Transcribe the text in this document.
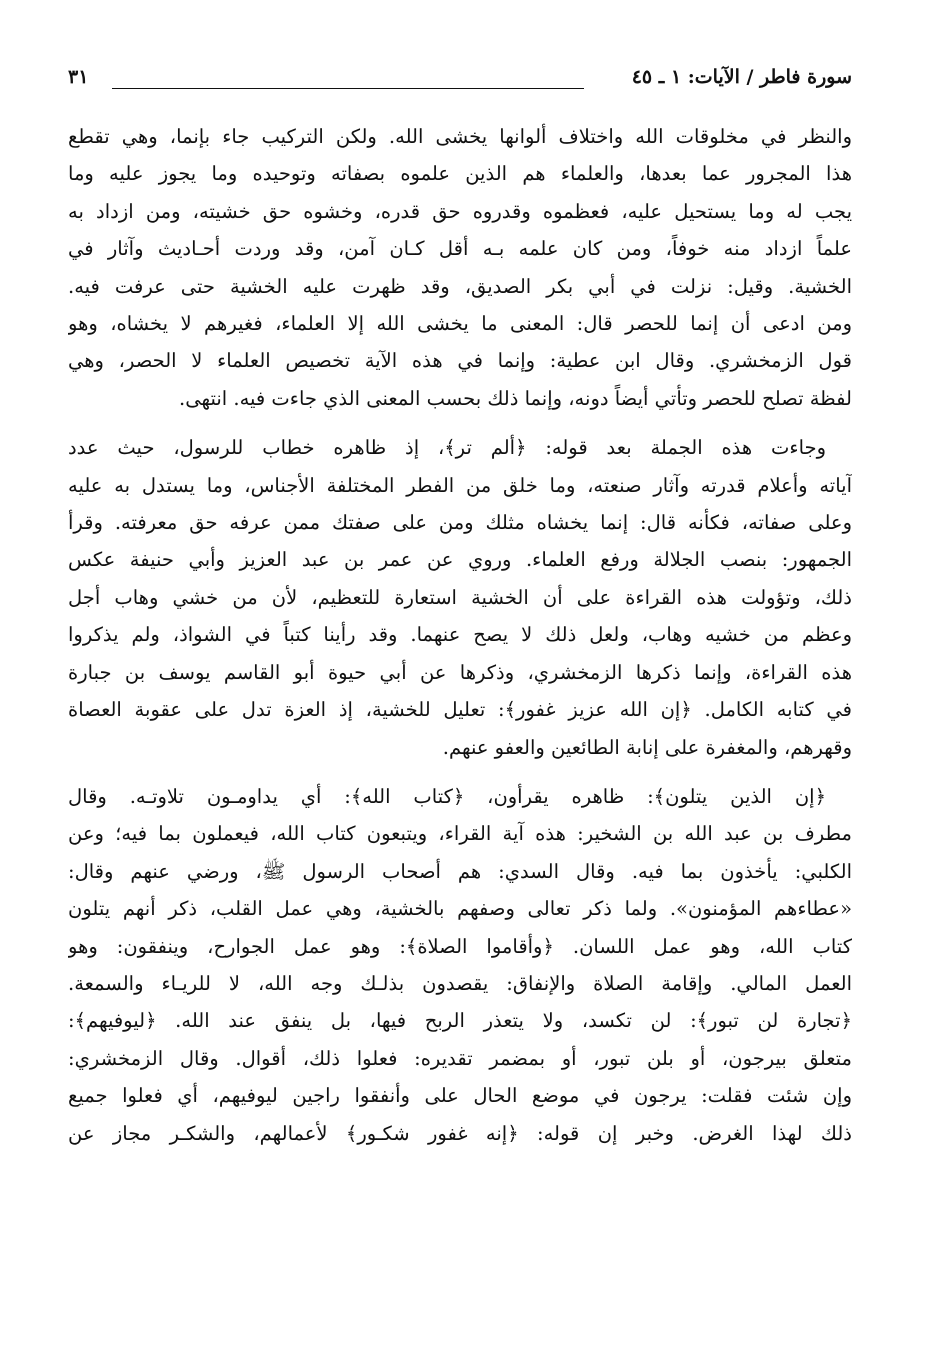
سورة فاطر / الآيات: ١ ـ ٤٥
٣١
والنظر في مخلوقات الله واختلاف ألوانها يخشى الله. ولكن التركيب جاء بإنما، وهي تقطع
هذا المجرور عما بعدها، والعلماء هم الذين علموه بصفاته وتوحيده وما يجوز عليه وما
يجب له وما يستحيل عليه، فعظموه وقدروه حق قدره، وخشوه حق خشيته، ومن ازداد به
علماً ازداد منه خوفاً، ومن كان علمه بـه أقل كـان آمن، وقد وردت أحـاديث وآثار في
الخشية. وقيل: نزلت في أبي بكر الصديق، وقد ظهرت عليه الخشية حتى عرفت فيه.
ومن ادعى أن إنما للحصر قال: المعنى ما يخشى الله إلا العلماء، فغيرهم لا يخشاه، وهو
قول الزمخشري. وقال ابن عطية: وإنما في هذه الآية تخصيص العلماء لا الحصر، وهي
لفظة تصلح للحصر وتأتي أيضاً دونه، وإنما ذلك بحسب المعنى الذي جاءت فيه. انتهى.
وجاءت هذه الجملة بعد قوله: ﴿ألم تر﴾، إذ ظاهره خطاب للرسول، حيث عدد
آياته وأعلام قدرته وآثار صنعته، وما خلق من الفطر المختلفة الأجناس، وما يستدل به عليه
وعلى صفاته، فكأنه قال: إنما يخشاه مثلك ومن على صفتك ممن عرفه حق معرفته. وقرأ
الجمهور: بنصب الجلالة ورفع العلماء. وروي عن عمر بن عبد العزيز وأبي حنيفة عكس
ذلك، وتؤولت هذه القراءة على أن الخشية استعارة للتعظيم، لأن من خشي وهاب أجل
وعظم من خشيه وهاب، ولعل ذلك لا يصح عنهما. وقد رأينا كتباً في الشواذ، ولم يذكروا
هذه القراءة، وإنما ذكرها الزمخشري، وذكرها عن أبي حيوة أبو القاسم يوسف بن جبارة
في كتابه الكامل. ﴿إن الله عزيز غفور﴾: تعليل للخشية، إذ العزة تدل على عقوبة العصاة
وقهرهم، والمغفرة على إنابة الطائعين والعفو عنهم.
﴿إن الذين يتلون﴾: ظاهره يقرأون، ﴿كتاب الله﴾: أي يداومـون تلاوتـه. وقال
مطرف بن عبد الله بن الشخير: هذه آية القراء، ويتبعون كتاب الله، فيعملون بما فيه؛ وعن
الكلبي: يأخذون بما فيه. وقال السدي: هم أصحاب الرسول ﷺ، ورضي عنهم وقال:
«عطاءهم المؤمنون». ولما ذكر تعالى وصفهم بالخشية، وهي عمل القلب، ذكر أنهم يتلون
كتاب الله، وهو عمل اللسان. ﴿وأقاموا الصلاة﴾: وهو عمل الجوارح، وينفقون: وهو
العمل المالي. وإقامة الصلاة والإنفاق: يقصدون بذلـك وجه الله، لا للريـاء والسمعة.
﴿تجارة لن تبور﴾: لن تكسد، ولا يتعذر الربح فيها، بل ينفق عند الله. ﴿ليوفيهم﴾:
متعلق بيرجون، أو بلن تبور، أو بمضمر تقديره: فعلوا ذلك، أقوال. وقال الزمخشري:
وإن شئت فقلت: يرجون في موضع الحال على وأنفقوا راجين ليوفيهم، أي فعلوا جميع
ذلك لهذا الغرض. وخبر إن قوله: ﴿إنه غفور شكـور﴾ لأعمالهم، والشكـر مجاز عن
